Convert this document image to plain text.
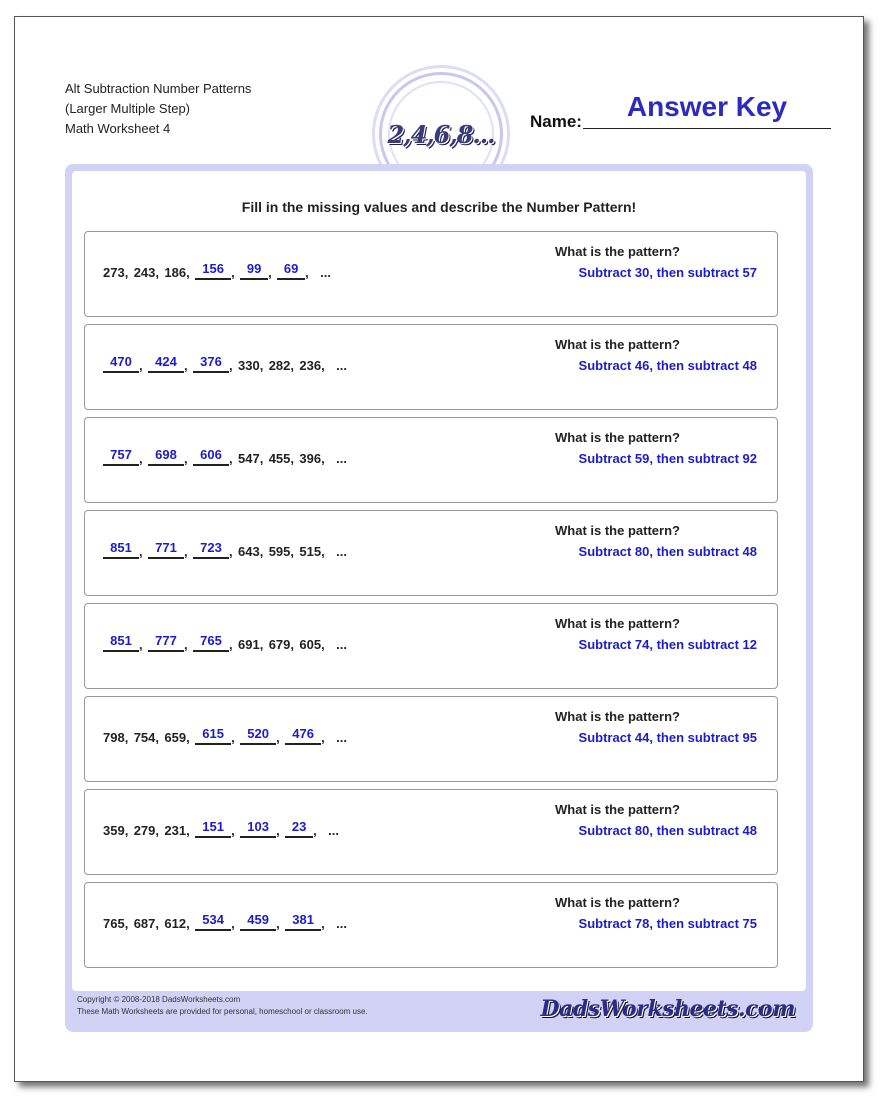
Alt Subtraction Number Patterns
(Larger Multiple Step)
Math Worksheet 4	2,4,6,8... Name:	Answer Key
Fill in the missing values and describe the Number Pattern!
273 , 243 , 186 , 156 , 99 , 69 , ...
What is the pattern?
Subtract 30, then subtract 57
470 , 424 , 376 , 330 , 282 , 236 , ...
What is the pattern?
Subtract 46, then subtract 48
757 , 698 , 606 , 547 , 455 , 396 , ...
What is the pattern?
Subtract 59, then subtract 92
851 , 771 , 723 , 643 , 595 , 515 , ...
What is the pattern?
Subtract 80, then subtract 48
851 , 777 , 765 , 691 , 679 , 605 , ...
What is the pattern?
Subtract 74, then subtract 12
798 , 754 , 659 , 615 , 520 , 476 , ...
What is the pattern?
Subtract 44, then subtract 95
359 , 279 , 231 , 151 , 103 , 23 , ...
What is the pattern?
Subtract 80, then subtract 48
765 , 687 , 612 , 534 , 459 , 381 , ...
What is the pattern?
Subtract 78, then subtract 75
Copyright © 2008-2018 DadsWorksheets.com
These Math Worksheets are provided for personal, homeschool or classroom use.	DadsWorksheets.com
